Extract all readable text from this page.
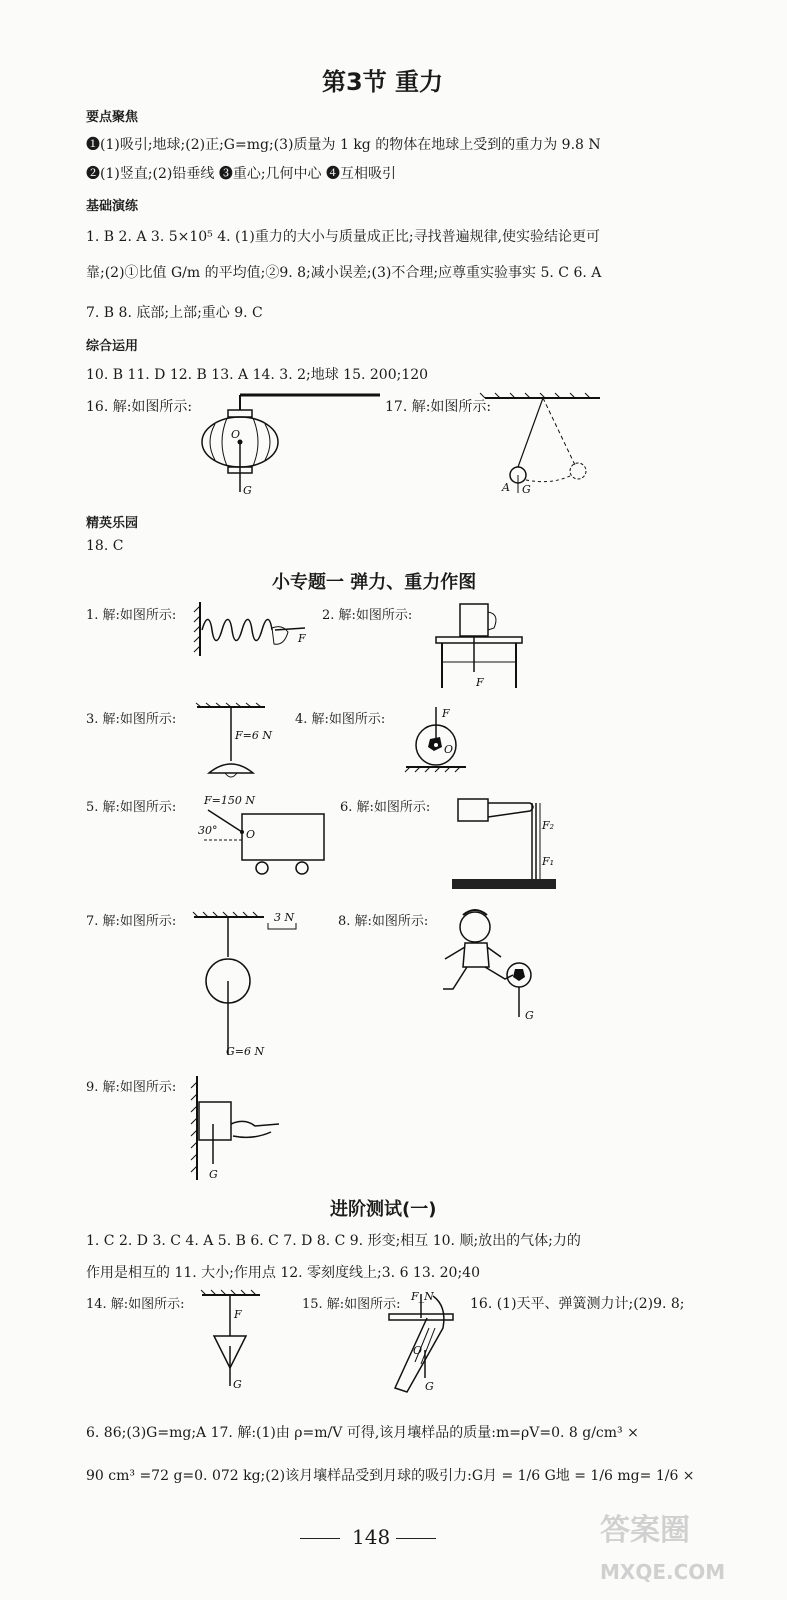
第3节 重力
要点聚焦
❶(1)吸引;地球;(2)正;G=mg;(3)质量为 1 kg 的物体在地球上受到的重力为 9.8 N
❷(1)竖直;(2)铅垂线 ❸重心;几何中心 ❹互相吸引
基础演练
1. B 2. A 3. 5×10⁵ 4. (1)重力的大小与质量成正比;寻找普遍规律,使实验结论更可
靠;(2)①比值 G/m 的平均值;②9. 8;减小误差;(3)不合理;应尊重实验事实 5. C 6. A
7. B 8. 底部;上部;重心 9. C
综合运用
10. B 11. D 12. B 13. A 14. 3. 2;地球 15. 200;120
16. 解:如图所示:	17. 解:如图所示:
O
G	A G
精英乐园
18. C
小专题一 弹力、重力作图
1. 解:如图所示:	2. 解:如图所示:
F
F
3. 解:如图所示:	4. 解:如图所示:
F=6 N
F
O
5. 解:如图所示:	6. 解:如图所示:
F=150 N
30°	O
F₂
F₁
7. 解:如图所示:	8. 解:如图所示:
3 N
G=6 N
G
9. 解:如图所示:
G
进阶测试(一)
1. C 2. D 3. C 4. A 5. B 6. C 7. D 8. C 9. 形变;相互 10. 顺;放出的气体;力的
作用是相互的 11. 大小;作用点 12. 零刻度线上;3. 6 13. 20;40
14. 解:如图所示:	15. 解:如图所示:	16. (1)天平、弹簧测力计;(2)9. 8;
F
G
F_N
O
G
6. 86;(3)G=mg;A 17. 解:(1)由 ρ=m/V 可得,该月壤样品的质量:m=ρV=0. 8 g/cm³ ×
90 cm³ =72 g=0. 072 kg;(2)该月壤样品受到月球的吸引力:G月 = 1/6 G地 = 1/6 mg= 1/6 ×
148	答案圈
MXQE.COM
